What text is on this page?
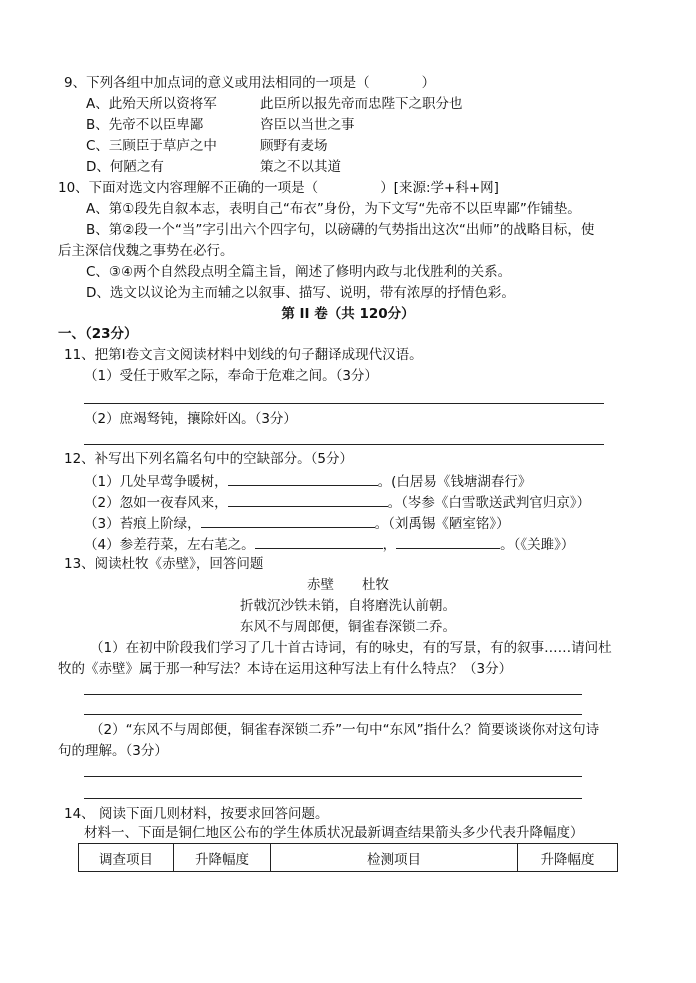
9、下列各组中加点词的意义或用法相同的一项是（	）
A、此殆天所以资将军	此臣所以报先帝而忠陛下之职分也
B、先帝不以臣卑鄙	咨臣以当世之事
C、三顾臣于草庐之中	顾野有麦场
D、何陋之有	策之不以其道
10、下面对选文内容理解不正确的一项是（	）[来源:学+科+网]
A、第①段先自叙本志，表明自己“布衣”身份，为下文写“先帝不以臣卑鄙”作铺垫。
B、第②段一个“当”字引出六个四字句，以磅礴的气势指出这次“出师”的战略目标，使
后主深信伐魏之事势在必行。
C、③④两个自然段点明全篇主旨，阐述了修明内政与北伐胜利的关系。
D、选文以议论为主而辅之以叙事、描写、说明，带有浓厚的抒情色彩。
第 II 卷（共 120分）
一、（23分）
11、把第Ⅰ卷文言文阅读材料中划线的句子翻译成现代汉语。
（1）受任于败军之际，奉命于危难之间。（3分）
（2）庶竭驽钝，攘除奸凶。（3分）
12、补写出下列名篇名句中的空缺部分。（5分）
（1）几处早莺争暖树，	。(白居易《钱塘湖春行》
（2）忽如一夜春风来，	。（岑参《白雪歌送武判官归京》）
（3）苔痕上阶绿，	。（刘禹锡《陋室铭》）
（4）参差荇菜，左右芼之。	，	。（《关雎》）
13、阅读杜牧《赤壁》，回答问题
赤壁 杜牧
折戟沉沙铁未销，自将磨洗认前朝。
东风不与周郎便，铜雀春深锁二乔。
（1）在初中阶段我们学习了几十首古诗词，有的咏史，有的写景，有的叙事……请问杜
牧的《赤壁》属于那一种写法？本诗在运用这种写法上有什么特点？（3分）
（2）“东风不与周郎便，铜雀春深锁二乔”一句中“东风”指什么？简要谈谈你对这句诗
句的理解。（3分）
14、 阅读下面几则材料，按要求回答问题。
材料一、下面是铜仁地区公布的学生体质状况最新调查结果箭头多少代表升降幅度）
调查项目	升降幅度	检测项目	升降幅度
